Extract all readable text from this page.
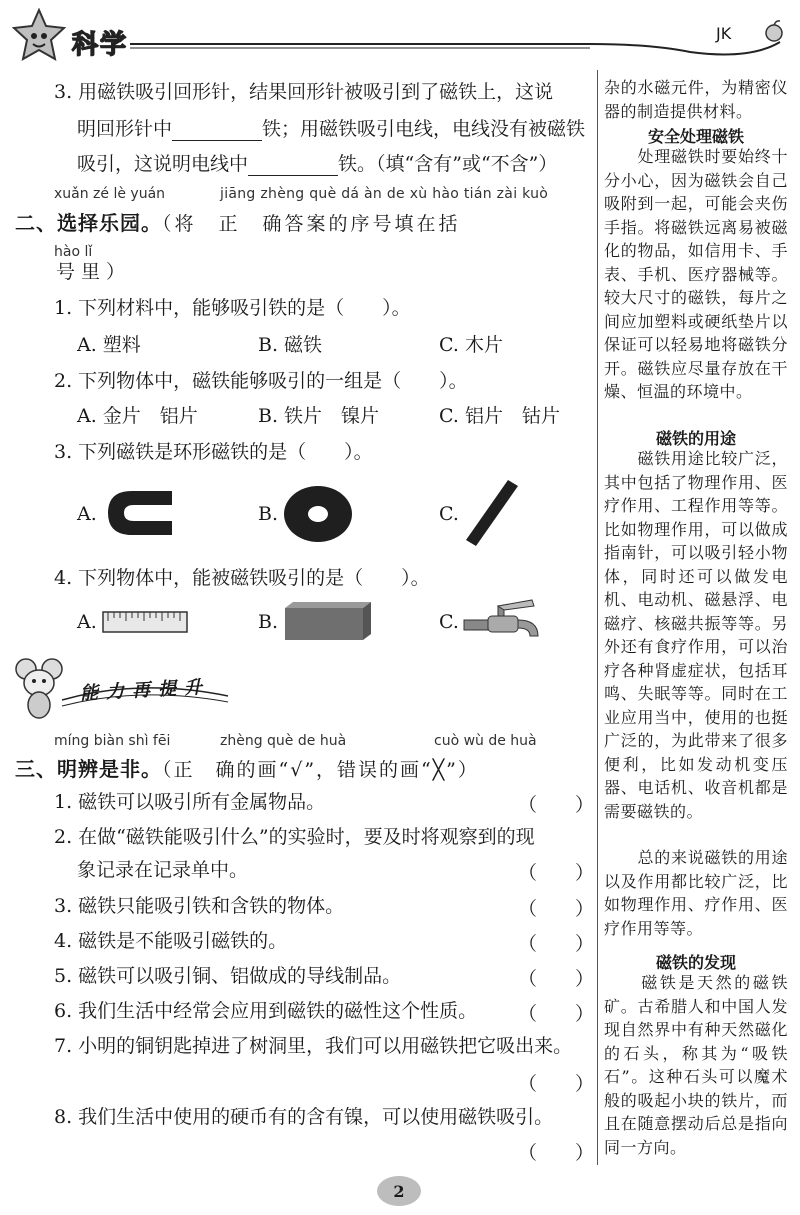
科学	JK
3. 用磁铁吸引回形针，结果回形针被吸引到了磁铁上，这说
明回形针中	铁；用磁铁吸引电线，电线没有被磁铁
吸引，这说明电线中	铁。（填“含有”或“不含”）
xuǎn zé lè yuán	jiāng zhèng què dá àn de xù hào tián zài kuò
二、选择乐园。（将　正　确答案的序号填在括
hào lǐ
号里）
1. 下列材料中，能够吸引铁的是（　　）。
A. 塑料	B. 磁铁	C. 木片
2. 下列物体中，磁铁能够吸引的一组是（　　）。
A. 金片　铝片	B. 铁片　镍片	C. 铝片　钴片
3. 下列磁铁是环形磁铁的是（　　）。
A.	B.	C.
4. 下列物体中，能被磁铁吸引的是（　　）。
A.	B.	C.
能力再提升
míng biàn shì fēi	zhèng què de huà	cuò wù de huà
三、明辨是非。（正　确的画“√”，错误的画“╳”）
1. 磁铁可以吸引所有金属物品。	（　　）
2. 在做“磁铁能吸引什么”的实验时，要及时将观察到的现
象记录在记录单中。	（　　）
3. 磁铁只能吸引铁和含铁的物体。	（　　）
4. 磁铁是不能吸引磁铁的。	（　　）
5. 磁铁可以吸引铜、铝做成的导线制品。	（　　）
6. 我们生活中经常会应用到磁铁的磁性这个性质。 （　　）
7. 小明的铜钥匙掉进了树洞里，我们可以用磁铁把它吸出来。
（　　）
8. 我们生活中使用的硬币有的含有镍，可以使用磁铁吸引。
（　　）
杂的水磁元件，为精密仪器的制造提供材料。
安全处理磁铁
　　处理磁铁时要始终十分小心，因为磁铁会自己吸附到一起，可能会夹伤手指。将磁铁远离易被磁化的物品，如信用卡、手表、手机、医疗器械等。较大尺寸的磁铁，每片之间应加塑料或硬纸垫片以保证可以轻易地将磁铁分开。磁铁应尽量存放在干燥、恒温的环境中。
磁铁的用途
　　磁铁用途比较广泛，其中包括了物理作用、医疗作用、工程作用等等。比如物理作用，可以做成指南针，可以吸引轻小物体，同时还可以做发电机、电动机、磁悬浮、电磁疗、核磁共振等等。另外还有食疗作用，可以治疗各种肾虚症状，包括耳鸣、失眠等等。同时在工业应用当中，使用的也挺广泛的，为此带来了很多便利，比如发动机变压器、电话机、收音机都是需要磁铁的。
　　总的来说磁铁的用途以及作用都比较广泛，比如物理作用、疗作用、医疗作用等等。
磁铁的发现
　　磁铁是天然的磁铁矿。古希腊人和中国人发现自然界中有种天然磁化的石头，称其为“吸铁石”。这种石头可以魔术般的吸起小块的铁片，而且在随意摆动后总是指向同一方向。
2
